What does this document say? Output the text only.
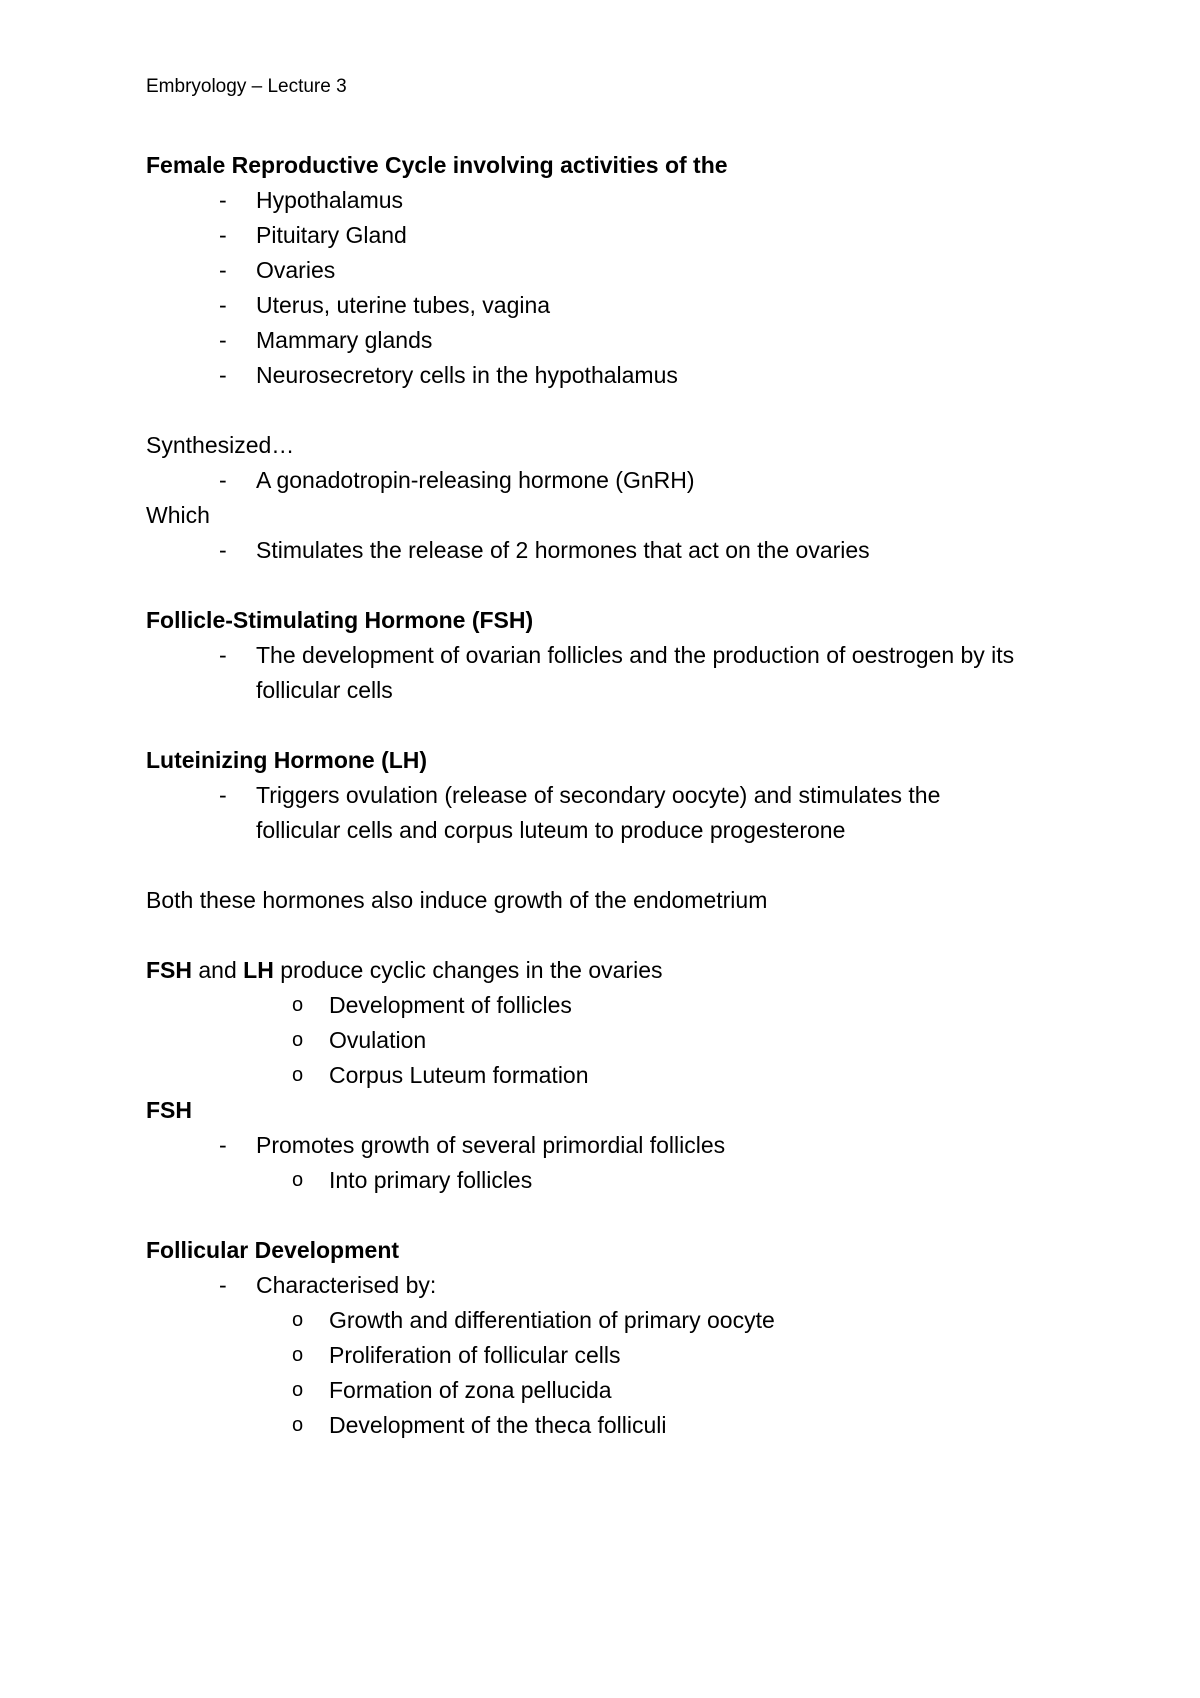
Embryology – Lecture 3
Female Reproductive Cycle involving activities of the
- Hypothalamus
- Pituitary Gland
- Ovaries
- Uterus, uterine tubes, vagina
- Mammary glands
- Neurosecretory cells in the hypothalamus
Synthesized…
- A gonadotropin-releasing hormone (GnRH)
Which
- Stimulates the release of 2 hormones that act on the ovaries
Follicle-Stimulating Hormone (FSH)
- The development of ovarian follicles and the production of oestrogen by its follicular cells
Luteinizing Hormone (LH)
- Triggers ovulation (release of secondary oocyte) and stimulates the follicular cells and corpus luteum to produce progesterone
Both these hormones also induce growth of the endometrium
FSH and LH produce cyclic changes in the ovaries
o Development of follicles
o Ovulation
o Corpus Luteum formation
FSH
- Promotes growth of several primordial follicles
o Into primary follicles
Follicular Development
- Characterised by:
o Growth and differentiation of primary oocyte
o Proliferation of follicular cells
o Formation of zona pellucida
o Development of the theca folliculi
